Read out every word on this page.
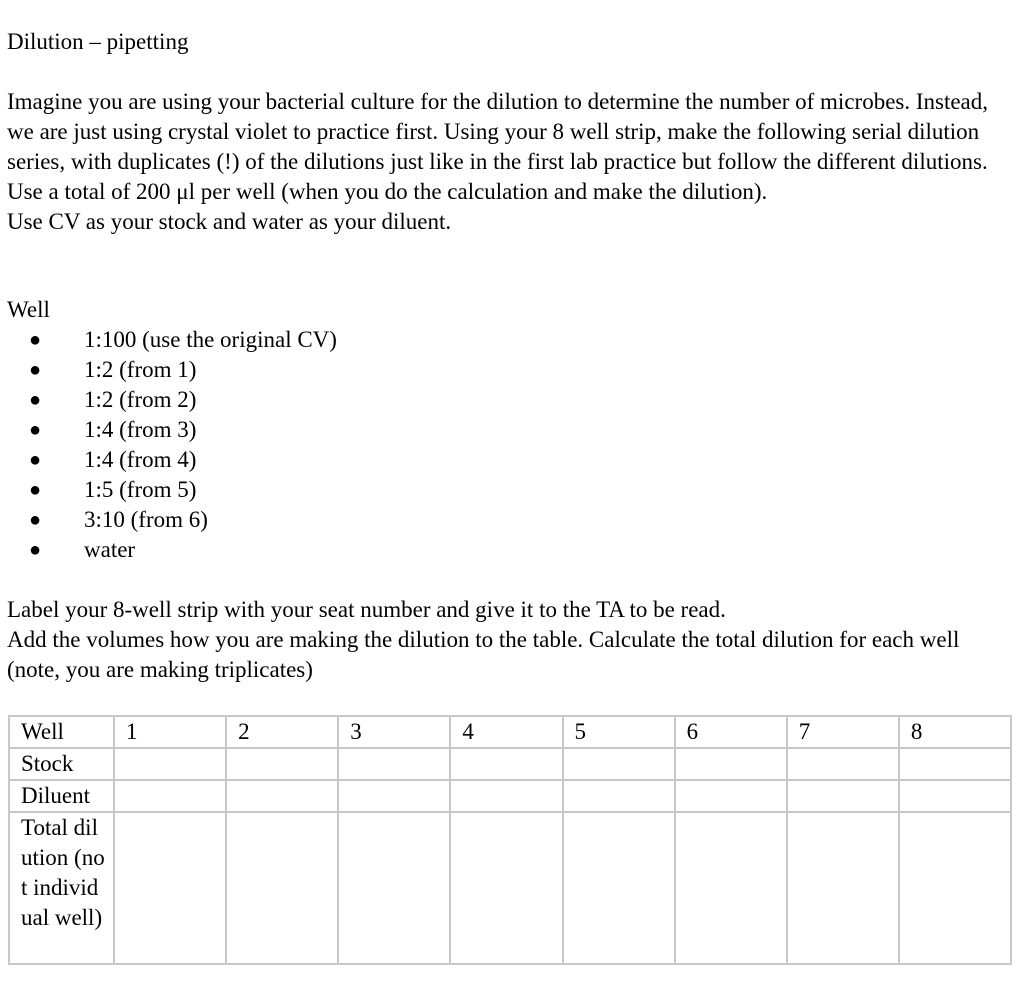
Dilution – pipetting

Imagine you are using your bacterial culture for the dilution to determine the number of microbes. Instead, we are just using crystal violet to practice first. Using your 8 well strip, make the following serial dilution series, with duplicates (!) of the dilutions just like in the first lab practice but follow the different dilutions. Use a total of 200 μl per well (when you do the calculation and make the dilution).

Use CV as your stock and water as your diluent.

Well
● 1:100 (use the original CV)
● 1:2 (from 1)
● 1:2 (from 2)
● 1:4 (from 3)
● 1:4 (from 4)
● 1:5 (from 5)
● 3:10 (from 6)
● water

Label your 8-well strip with your seat number and give it to the TA to be read.

Add the volumes how you are making the dilution to the table. Calculate the total dilution for each well (note, you are making triplicates)

Well	1	2	3	4	5	6	7	8
Stock								
Diluent								
Total dilution (not individual well)								
